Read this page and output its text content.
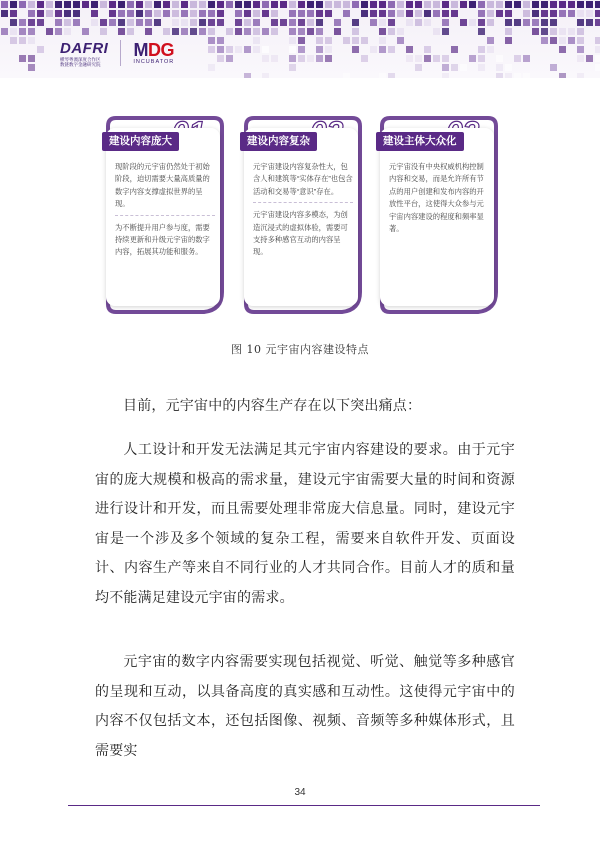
DAFRI
横琴粤澳深度合作区
数链数字金融研究院
MDG
INCUBATOR
建设内容庞大

现阶段的元宇宙仍然处于初始阶段，迫切需要大量高质量的数字内容支撑虚拟世界的呈现。

为不断提升用户参与度，需要持续更新和升级元宇宙的数字内容，拓展其功能和服务。

建设内容复杂

元宇宙建设内容复杂性大，包含人和建筑等“实体存在”也包含活动和交易等“意识”存在。

元宇宙建设内容多模态，为创造沉浸式的虚拟体验，需要可支持多种感官互动的内容呈现。

建设主体大众化

元宇宙没有中央权威机构控制内容和交易，而是允许所有节点的用户创建和发布内容的开放性平台，这使得大众参与元宇宙内容建设的程度和频率显著。

图 10 元宇宙内容建设特点
目前，元宇宙中的内容生产存在以下突出痛点：
人工设计和开发无法满足其元宇宙内容建设的要求。由于元宇宙的庞大规模和极高的需求量，建设元宇宙需要大量的时间和资源进行设计和开发，而且需要处理非常庞大信息量。同时，建设元宇宙是一个涉及多个领域的复杂工程，需要来自软件开发、页面设计、内容生产等来自不同行业的人才共同合作。目前人才的质和量均不能满足建设元宇宙的需求。
元宇宙的数字内容需要实现包括视觉、听觉、触觉等多种感官的呈现和互动，以具备高度的真实感和互动性。这使得元宇宙中的内容不仅包括文本，还包括图像、视频、音频等多种媒体形式，且需要实
34
